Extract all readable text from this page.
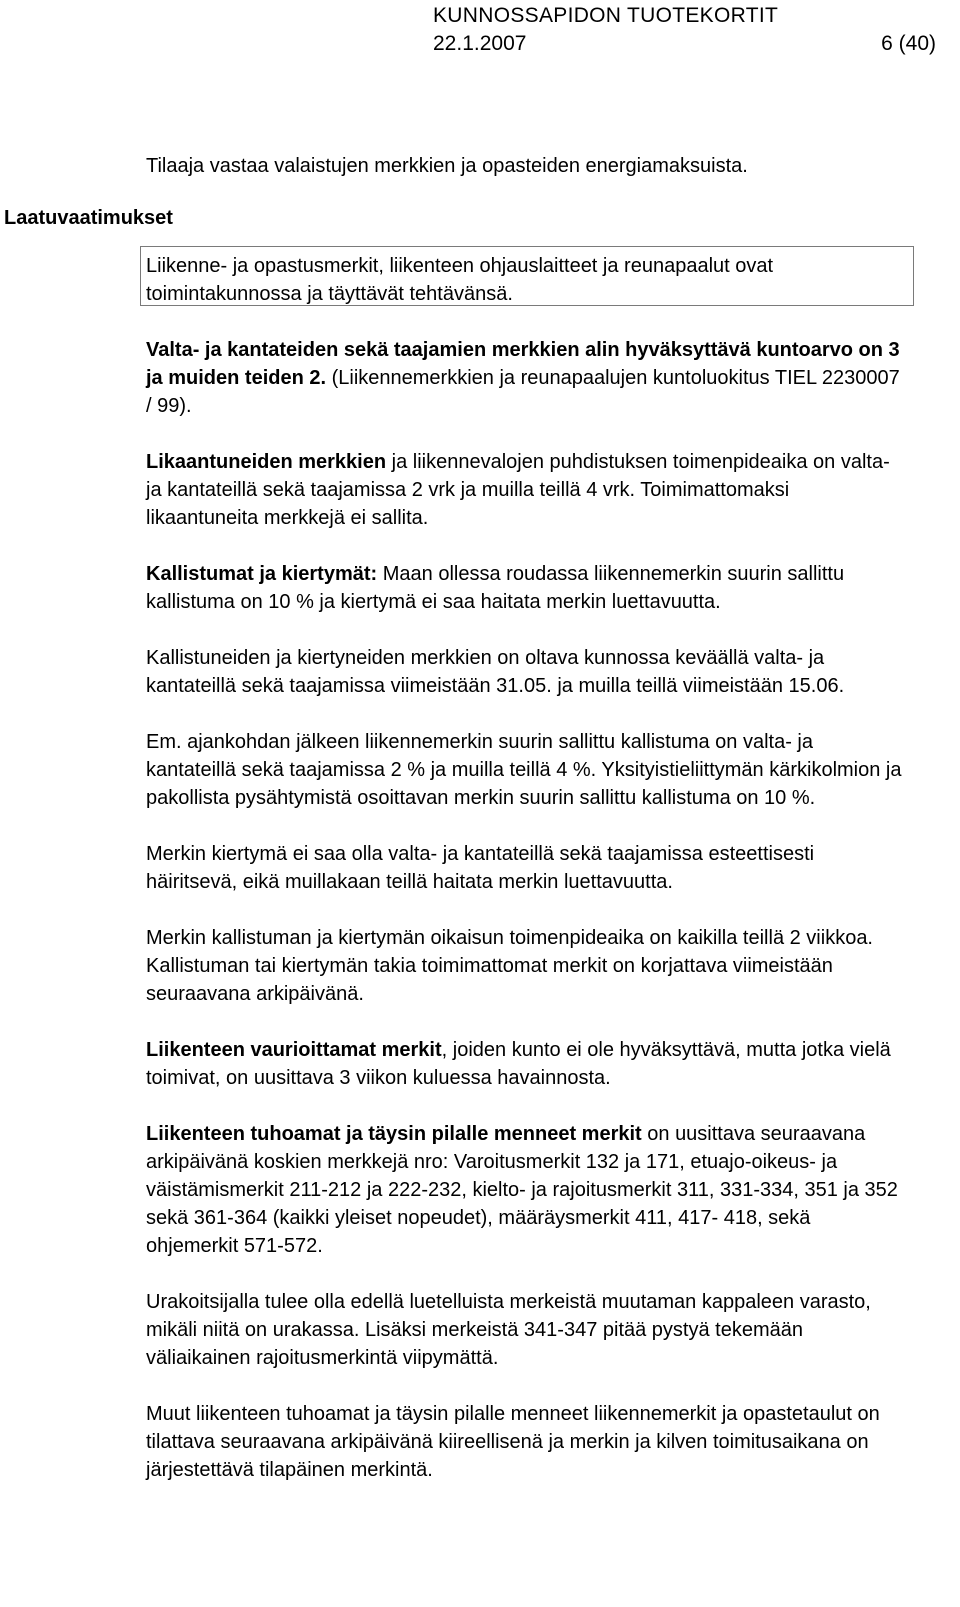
KUNNOSSAPIDON TUOTEKORTIT
22.1.2007	6 (40)
Tilaaja vastaa valaistujen merkkien ja opasteiden energiamaksuista.
Laatuvaatimukset
Liikenne- ja opastusmerkit, liikenteen ohjauslaitteet ja reunapaalut ovat toimintakunnossa ja täyttävät tehtävänsä.

Valta- ja kantateiden sekä taajamien merkkien alin hyväksyttävä kuntoarvo on 3 ja muiden teiden 2. (Liikennemerkkien ja reunapaalujen kuntoluokitus TIEL 2230007 / 99).

Likaantuneiden merkkien ja liikennevalojen puhdistuksen toimenpideaika on valta- ja kantateillä sekä taajamissa 2 vrk ja muilla teillä 4 vrk. Toimimattomaksi likaantuneita merkkejä ei sallita.

Kallistumat ja kiertymät: Maan ollessa roudassa liikennemerkin suurin sallittu kallistuma on 10 % ja kiertymä ei saa haitata merkin luettavuutta.

Kallistuneiden ja kiertyneiden merkkien on oltava kunnossa keväällä valta- ja kantateillä sekä taajamissa viimeistään 31.05. ja muilla teillä viimeistään 15.06.

Em. ajankohdan jälkeen liikennemerkin suurin sallittu kallistuma on valta- ja kantateillä sekä taajamissa 2 % ja muilla teillä 4 %. Yksityistieliittymän kärkikolmion ja pakollista pysähtymistä osoittavan merkin suurin sallittu kallistuma on 10 %.

Merkin kiertymä ei saa olla valta- ja kantateillä sekä taajamissa esteettisesti häiritsevä, eikä muillakaan teillä haitata merkin luettavuutta.

Merkin kallistuman ja kiertymän oikaisun toimenpideaika on kaikilla teillä 2 viikkoa. Kallistuman tai kiertymän takia toimimattomat merkit on korjattava viimeistään seuraavana arkipäivänä.

Liikenteen vaurioittamat merkit, joiden kunto ei ole hyväksyttävä, mutta jotka vielä toimivat, on uusittava 3 viikon kuluessa havainnosta.

Liikenteen tuhoamat ja täysin pilalle menneet merkit on uusittava seuraavana arkipäivänä koskien merkkejä nro: Varoitusmerkit 132 ja 171, etuajo-oikeus- ja väistämismerkit 211-212 ja 222-232, kielto- ja rajoitusmerkit 311, 331-334, 351 ja 352 sekä 361-364 (kaikki yleiset nopeudet), määräysmerkit 411, 417- 418, sekä ohjemerkit 571-572.

Urakoitsijalla tulee olla edellä luetelluista merkeistä muutaman kappaleen varasto, mikäli niitä on urakassa. Lisäksi merkeistä 341-347 pitää pystyä tekemään väliaikainen rajoitusmerkintä viipymättä.

Muut liikenteen tuhoamat ja täysin pilalle menneet liikennemerkit ja opastetaulut on tilattava seuraavana arkipäivänä kiireellisenä ja merkin ja kilven toimitusaikana on järjestettävä tilapäinen merkintä.
